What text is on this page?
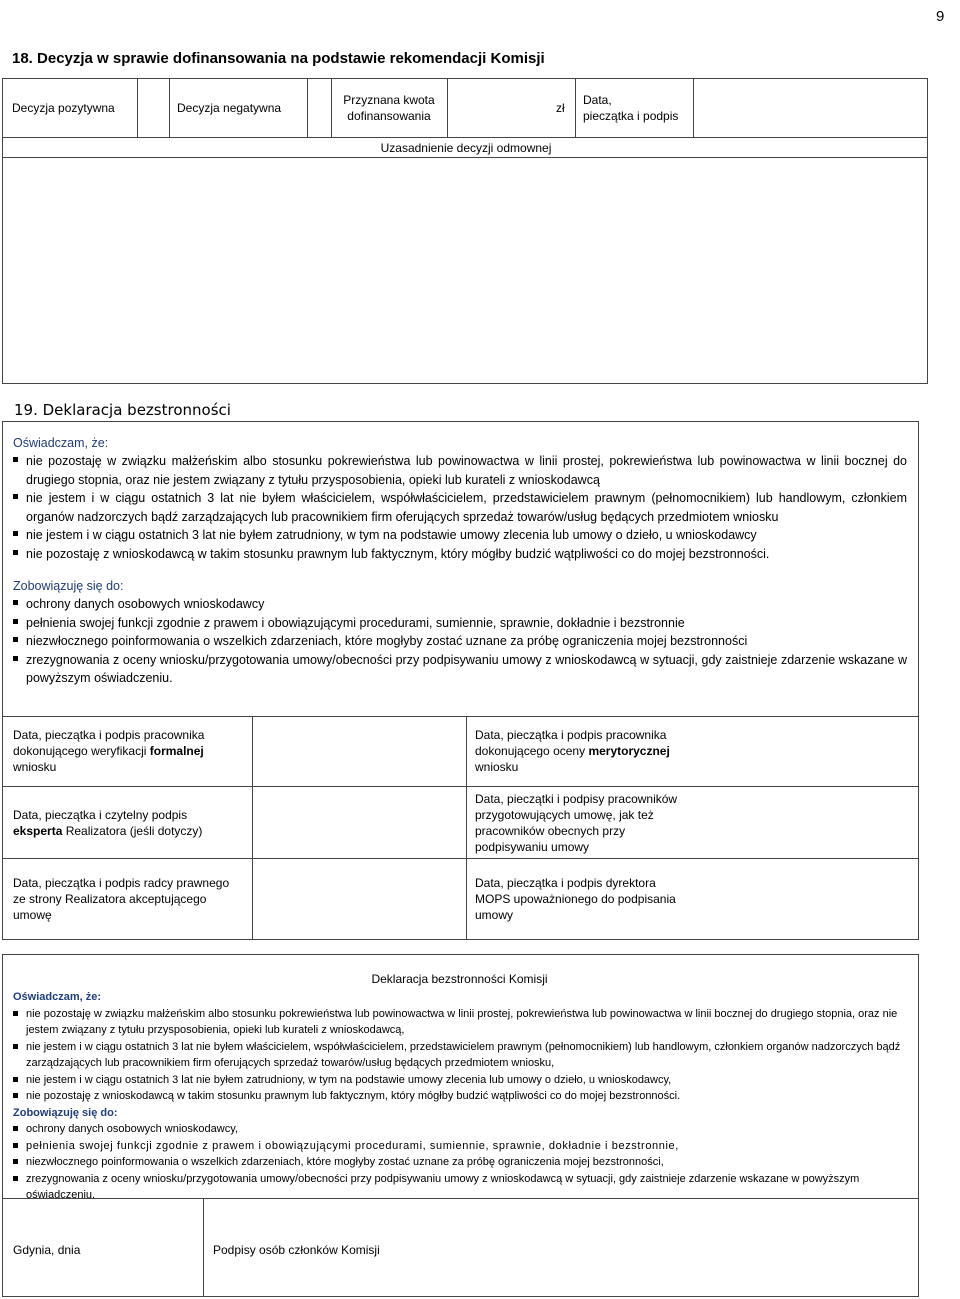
9
18. Decyzja w sprawie dofinansowania na podstawie rekomendacji Komisji
Decyzja pozytywna	Decyzja negatywna
Przyznana kwota
dofinansowania
zł
Data,
pieczątka i podpis
Uzasadnienie decyzji odmownej
19. Deklaracja bezstronności
Oświadczam, że:
nie pozostaję w związku małżeńskim albo stosunku pokrewieństwa lub powinowactwa w linii prostej, pokrewieństwa lub powinowactwa w linii bocznej do drugiego stopnia, oraz nie jestem związany z tytułu przysposobienia, opieki lub kurateli z wnioskodawcą
nie jestem i w ciągu ostatnich 3 lat nie byłem właścicielem, współwłaścicielem, przedstawicielem prawnym (pełnomocnikiem) lub handlowym, członkiem organów nadzorczych bądź zarządzających lub pracownikiem firm oferujących sprzedaż towarów/usług będących przedmiotem wniosku
nie jestem i w ciągu ostatnich 3 lat nie byłem zatrudniony, w tym na podstawie umowy zlecenia lub umowy o dzieło, u wnioskodawcy
nie pozostaję z wnioskodawcą w takim stosunku prawnym lub faktycznym, który mógłby budzić wątpliwości co do mojej bezstronności.
Zobowiązuję się do:
ochrony danych osobowych wnioskodawcy
pełnienia swojej funkcji zgodnie z prawem i obowiązującymi procedurami, sumiennie, sprawnie, dokładnie i bezstronnie
niezwłocznego poinformowania o wszelkich zdarzeniach, które mogłyby zostać uznane za próbę ograniczenia mojej bezstronności
zrezygnowania z oceny wniosku/przygotowania umowy/obecności przy podpisywaniu umowy z wnioskodawcą w sytuacji, gdy zaistnieje zdarzenie wskazane w powyższym oświadczeniu.
Data, pieczątka i podpis pracownika
dokonującego weryfikacji formalnej
wniosku
Data, pieczątka i podpis pracownika
dokonującego oceny merytorycznej
wniosku
Data, pieczątka i czytelny podpis
eksperta Realizatora (jeśli dotyczy)
Data, pieczątki i podpisy pracowników
przygotowujących umowę, jak też
pracowników obecnych przy
podpisywaniu umowy
Data, pieczątka i podpis radcy prawnego
ze strony Realizatora akceptującego
umowę
Data, pieczątka i podpis dyrektora
MOPS upoważnionego do podpisania
umowy
Deklaracja bezstronności Komisji
Oświadczam, że:
nie pozostaję w związku małżeńskim albo stosunku pokrewieństwa lub powinowactwa w linii prostej, pokrewieństwa lub powinowactwa w linii bocznej do drugiego stopnia, oraz nie jestem związany z tytułu przysposobienia, opieki lub kurateli z wnioskodawcą,
nie jestem i w ciągu ostatnich 3 lat nie byłem właścicielem, współwłaścicielem, przedstawicielem prawnym (pełnomocnikiem) lub handlowym, członkiem organów nadzorczych bądź zarządzających lub pracownikiem firm oferujących sprzedaż towarów/usług będących przedmiotem wniosku,
nie jestem i w ciągu ostatnich 3 lat nie byłem zatrudniony, w tym na podstawie umowy zlecenia lub umowy o dzieło, u wnioskodawcy,
nie pozostaję z wnioskodawcą w takim stosunku prawnym lub faktycznym, który mógłby budzić wątpliwości co do mojej bezstronności.
Zobowiązuję się do:
ochrony danych osobowych wnioskodawcy,
pełnienia swojej funkcji zgodnie z prawem i obowiązującymi procedurami, sumiennie, sprawnie, dokładnie i bezstronnie,
niezwłocznego poinformowania o wszelkich zdarzeniach, które mogłyby zostać uznane za próbę ograniczenia mojej bezstronności,
zrezygnowania z oceny wniosku/przygotowania umowy/obecności przy podpisywaniu umowy z wnioskodawcą w sytuacji, gdy zaistnieje zdarzenie wskazane w powyższym oświadczeniu.
Gdynia, dnia	Podpisy osób członków Komisji
